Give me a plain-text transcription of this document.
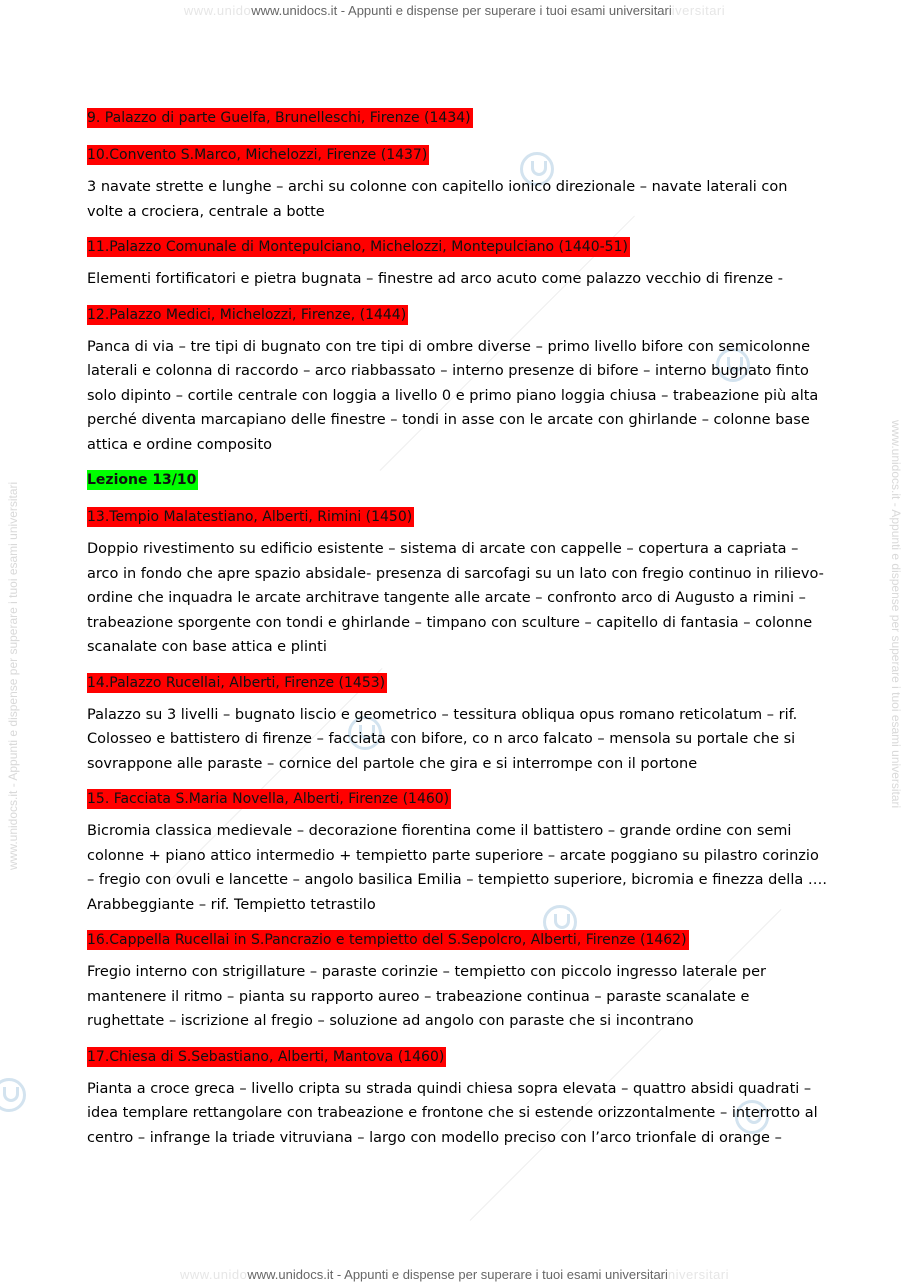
www.unidowww.unidocs.it - Appunti e dispense per superare i tuoi esami universitariiversitari
www.unidowww.unidocs.it - Appunti e dispense per superare i tuoi esami universitariniversitari
www.unidocs.it - Appunti e dispense per superare i tuoi esami universitari	www.unidocs.it - Appunti e dispense per superare i tuoi esami universitari
9. Palazzo di parte Guelfa, Brunelleschi, Firenze (1434)
10.Convento S.Marco, Michelozzi, Firenze (1437)
3 navate strette e lunghe – archi su colonne con capitello ionico direzionale – navate laterali con volte a crociera, centrale a botte
11.Palazzo Comunale di Montepulciano, Michelozzi, Montepulciano (1440-51)
Elementi fortificatori e pietra bugnata – finestre ad arco acuto come palazzo vecchio di firenze -
12.Palazzo Medici, Michelozzi, Firenze, (1444)
Panca di via – tre tipi di bugnato con tre tipi di ombre diverse – primo livello bifore con semicolonne laterali e colonna di raccordo – arco riabbassato – interno presenze di bifore – interno bugnato finto solo dipinto – cortile centrale con loggia a livello 0 e primo piano loggia chiusa – trabeazione più alta perché diventa marcapiano delle finestre – tondi in asse con le arcate con ghirlande – colonne base attica e ordine composito
Lezione 13/10
13.Tempio Malatestiano, Alberti, Rimini (1450)
Doppio rivestimento su edificio esistente – sistema di arcate con cappelle – copertura a capriata – arco in fondo che apre spazio absidale- presenza di sarcofagi su un lato con fregio continuo in rilievo- ordine che inquadra le arcate architrave tangente alle arcate – confronto arco di Augusto a rimini – trabeazione sporgente con tondi e ghirlande – timpano con sculture – capitello di fantasia – colonne scanalate con base attica e plinti
14.Palazzo Rucellai, Alberti, Firenze (1453)
Palazzo su 3 livelli – bugnato liscio e geometrico – tessitura obliqua opus romano reticolatum – rif. Colosseo e battistero di firenze – facciata con bifore, co n arco falcato – mensola su portale che si sovrappone alle paraste – cornice del partole che gira e si interrompe con il portone
15. Facciata S.Maria Novella, Alberti, Firenze (1460)
Bicromia classica medievale – decorazione fiorentina come il battistero – grande ordine con semi colonne + piano attico intermedio + tempietto parte superiore – arcate poggiano su pilastro corinzio – fregio con ovuli e lancette – angolo basilica Emilia – tempietto superiore, bicromia e finezza della …. Arabbeggiante – rif. Tempietto tetrastilo
16.Cappella Rucellai in S.Pancrazio e tempietto del S.Sepolcro, Alberti, Firenze (1462)
Fregio interno con strigillature – paraste corinzie – tempietto con piccolo ingresso laterale per mantenere il ritmo – pianta su rapporto aureo – trabeazione continua – paraste scanalate e rughettate – iscrizione al fregio – soluzione ad angolo con paraste che si incontrano
17.Chiesa di S.Sebastiano, Alberti, Mantova (1460)
Pianta a croce greca – livello cripta su strada quindi chiesa sopra elevata – quattro absidi quadrati – idea templare rettangolare con trabeazione e frontone che si estende orizzontalmente – interrotto al centro – infrange la triade vitruviana – largo con modello preciso con l’arco trionfale di orange –
